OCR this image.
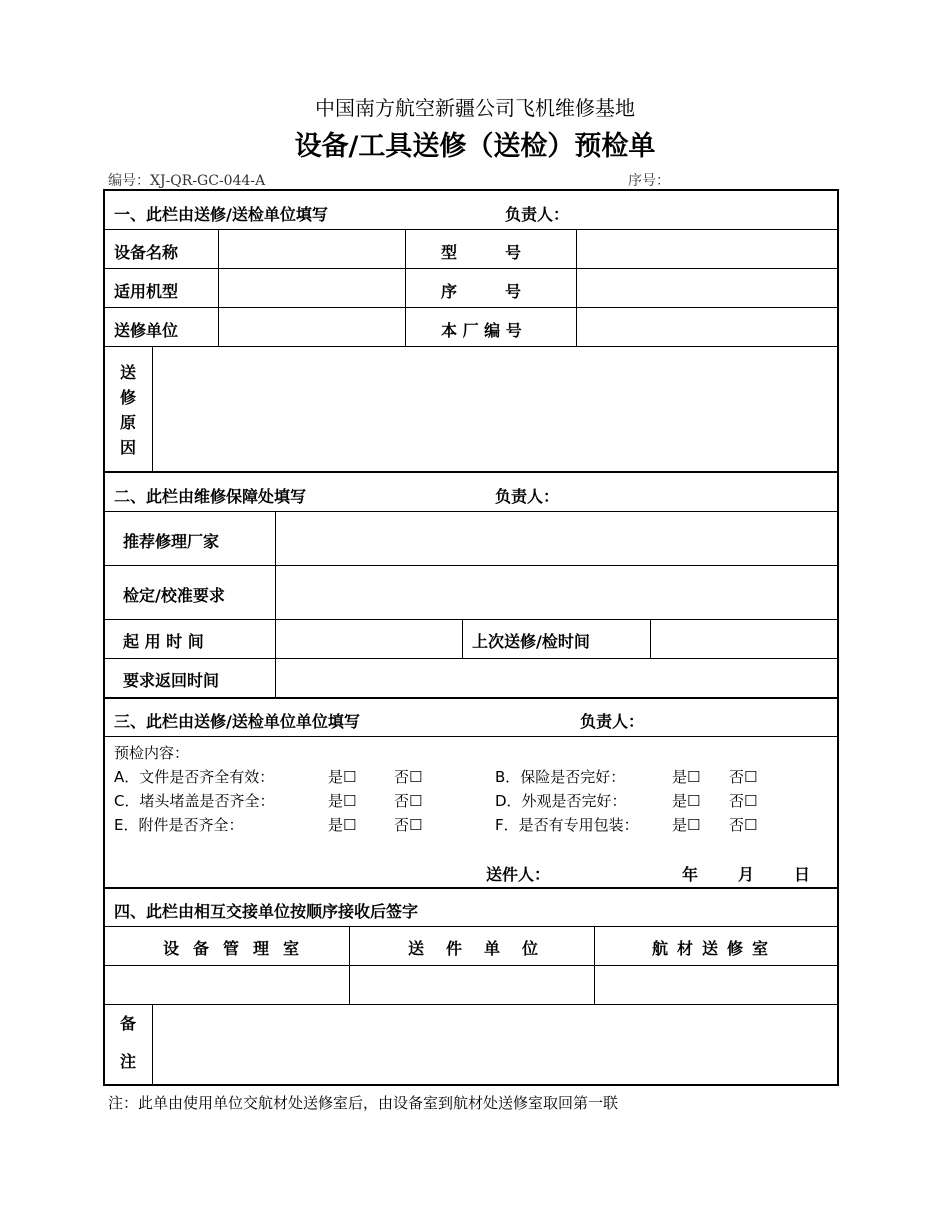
中国南方航空新疆公司飞机维修基地
设备/工具送修（送检）预检单
编号：XJ-QR-GC-044-A	序号：
一、此栏由送修/送检单位填写	负责人：
设备名称	型　　　号
适用机型	序　　　号
送修单位	本 厂 编 号
送
修
原
因
二、此栏由维修保障处填写	负责人：
推荐修理厂家
检定/校准要求
起 用 时 间	上次送修/检时间
要求返回时间
三、此栏由送修/送检单位单位填写	负责人：
预检内容：
A．文件是否齐全有效：	是☐	否☐	B．保险是否完好：	是☐ 否☐
C．堵头堵盖是否齐全：	是☐	否☐	D．外观是否完好：	是☐ 否☐
E．附件是否齐全：	是☐	否☐	F．是否有专用包装： 是☐ 否☐
送件人：	年 月 日
四、此栏由相互交接单位按顺序接收后签字
设备管理室	送件单位	航材送修室
备
注
注：此单由使用单位交航材处送修室后，由设备室到航材处送修室取回第一联
